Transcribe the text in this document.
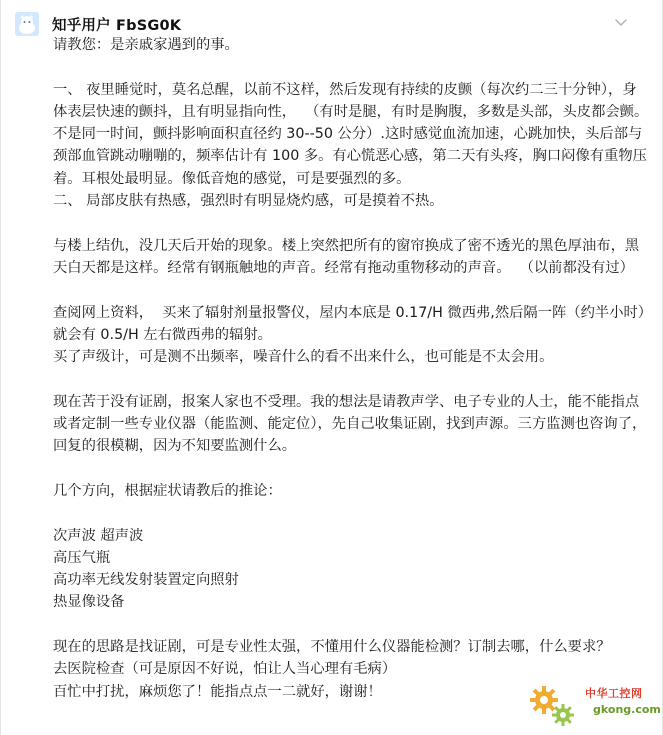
知乎用户 FbSG0K

请教您：是亲戚家遇到的事。

一、 夜里睡觉时，莫名总醒，以前不这样，然后发现有持续的皮颤（每次约二三十分钟），身体表层快速的颤抖，且有明显指向性，  （有时是腿，有时是胸腹，多数是头部，头皮都会颤。不是同一时间，颤抖影响面积直径约 30--50 公分）.这时感觉血流加速，心跳加快，头后部与颈部血管跳动嘣嘣的，频率估计有 100 多。有心慌恶心感，第二天有头疼，胸口闷像有重物压着。耳根处最明显。像低音炮的感觉，可是要强烈的多。

二、 局部皮肤有热感，强烈时有明显烧灼感，可是摸着不热。

与楼上结仇，没几天后开始的现象。楼上突然把所有的窗帘换成了密不透光的黑色厚油布，黑天白天都是这样。经常有钢瓶触地的声音。经常有拖动重物移动的声音。  （以前都没有过）

查阅网上资料，  买来了辐射剂量报警仪，屋内本底是 0.17/H 微西弗,然后隔一阵（约半小时）就会有 0.5/H 左右微西弗的辐射。

买了声级计，可是测不出频率，噪音什么的看不出来什么，也可能是不太会用。

现在苦于没有证剧，报案人家也不受理。我的想法是请教声学、电子专业的人士，能不能指点或者定制一些专业仪器（能监测、能定位），先自己收集证剧，找到声源。三方监测也咨询了，回复的很模糊，因为不知要监测什么。

几个方向，根据症状请教后的推论：

次声波 超声波

高压气瓶

高功率无线发射装置定向照射

热显像设备

现在的思路是找证剧，可是专业性太强，不懂用什么仪器能检测？订制去哪，什么要求？

去医院检查（可是原因不好说，怕让人当心理有毛病）

百忙中打扰，麻烦您了！能指点点一二就好，谢谢！	中华工控网
gkong.com
